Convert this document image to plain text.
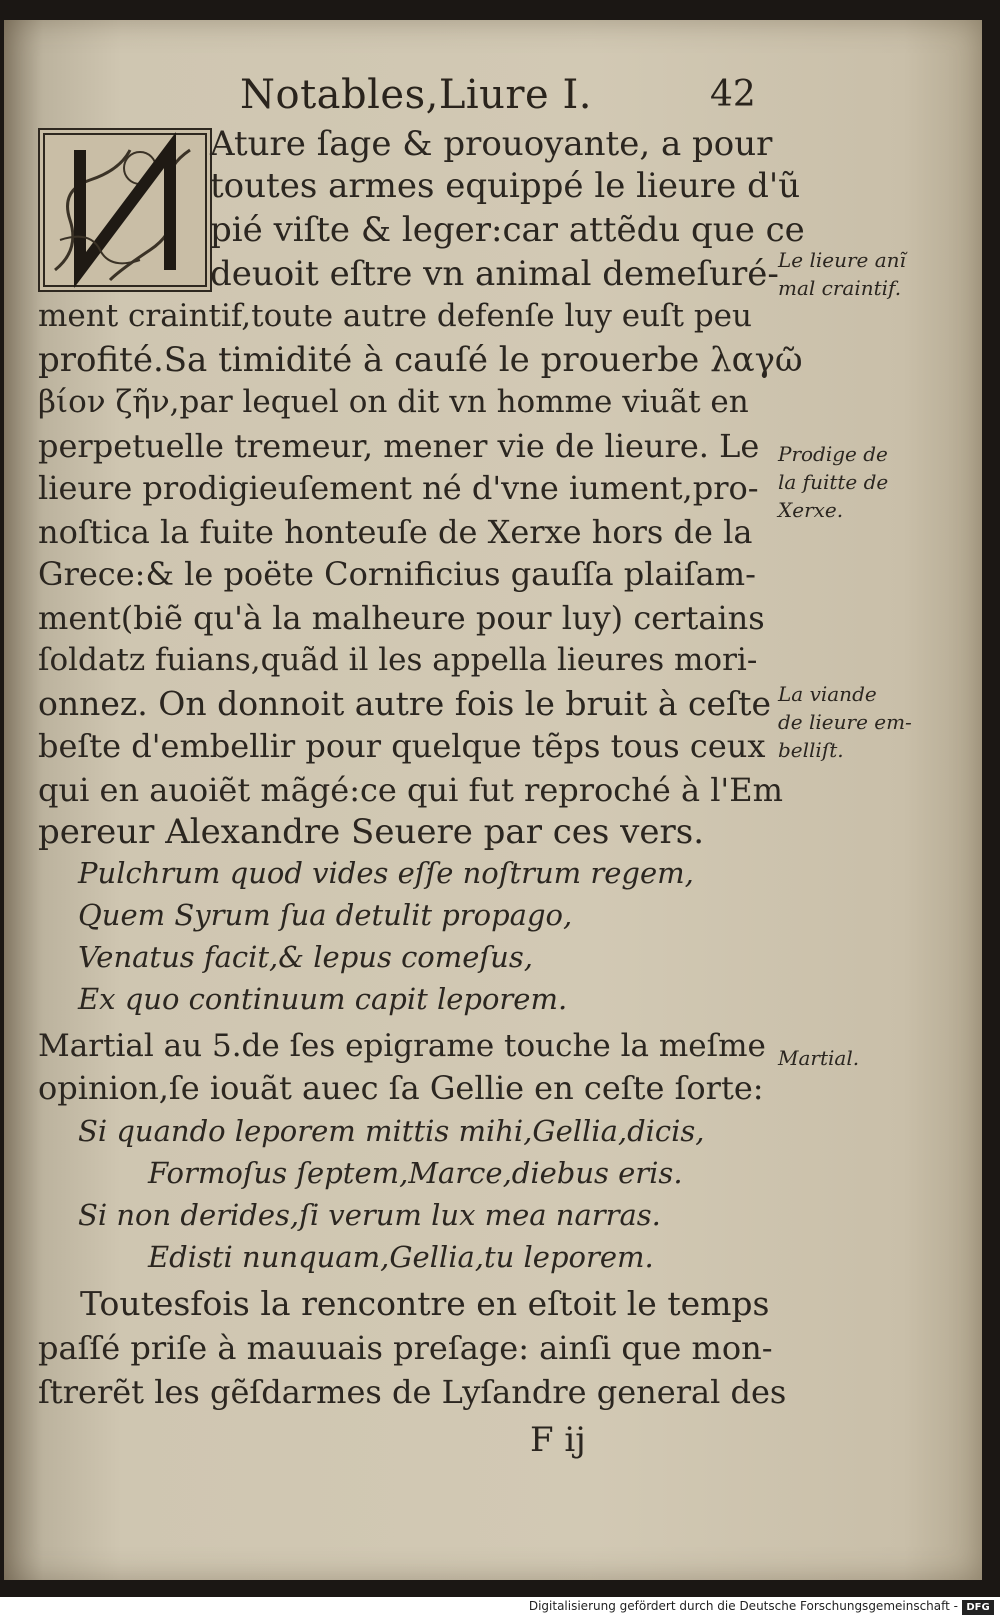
Notables,Liure I.	42
Ature ſage & prouoyante, a pour
toutes armes equippé le lieure d'ũ
pié viſte & leger:car attẽdu que ce
deuoit eſtre vn animal demeſuré-
ment craintif,toute autre defenſe luy euſt peu
profité.Sa timidité à cauſé le prouerbe λαγῶ
βίον ζῆν,par lequel on dit vn homme viuãt en
perpetuelle tremeur, mener vie de lieure. Le
lieure prodigieuſement né d'vne iument,pro-
noſtica la fuite honteuſe de Xerxe hors de la
Grece:& le poëte Cornificius gauſſa plaiſam-
ment(biẽ qu'à la malheure pour luy) certains
ſoldatz fuians,quãd il les appella lieures mori-
onnez. On donnoit autre fois le bruit à ceſte
beſte d'embellir pour quelque tẽps tous ceux
qui en auoiẽt mãgé:ce qui fut reproché à l'Em
pereur Alexandre Seuere par ces vers.
Pulchrum quod vides eſſe noſtrum regem,
Quem Syrum ſua detulit propago,
Venatus facit,& lepus comeſus,
Ex quo continuum capit leporem.
Martial au 5.de ſes epigrame touche la meſme
opinion,ſe iouãt auec ſa Gellie en ceſte ſorte:
Si quando leporem mittis mihi,Gellia,dicis,
Formoſus ſeptem,Marce,diebus eris.
Si non derides,ſi verum lux mea narras.
Edisti nunquam,Gellia,tu leporem.
Toutesfois la rencontre en eſtoit le temps
paſſé priſe à mauuais preſage: ainſi que mon-
ſtrerẽt les gẽſdarmes de Lyſandre general des
F ij
Le lieure anĩ
mal craintif.
Prodige de
la fuitte de
Xerxe.
La viande
de lieure em-
belliſt.
Martial.
Digitalisierung gefördert durch die Deutsche Forschungsgemeinschaft - DFG
